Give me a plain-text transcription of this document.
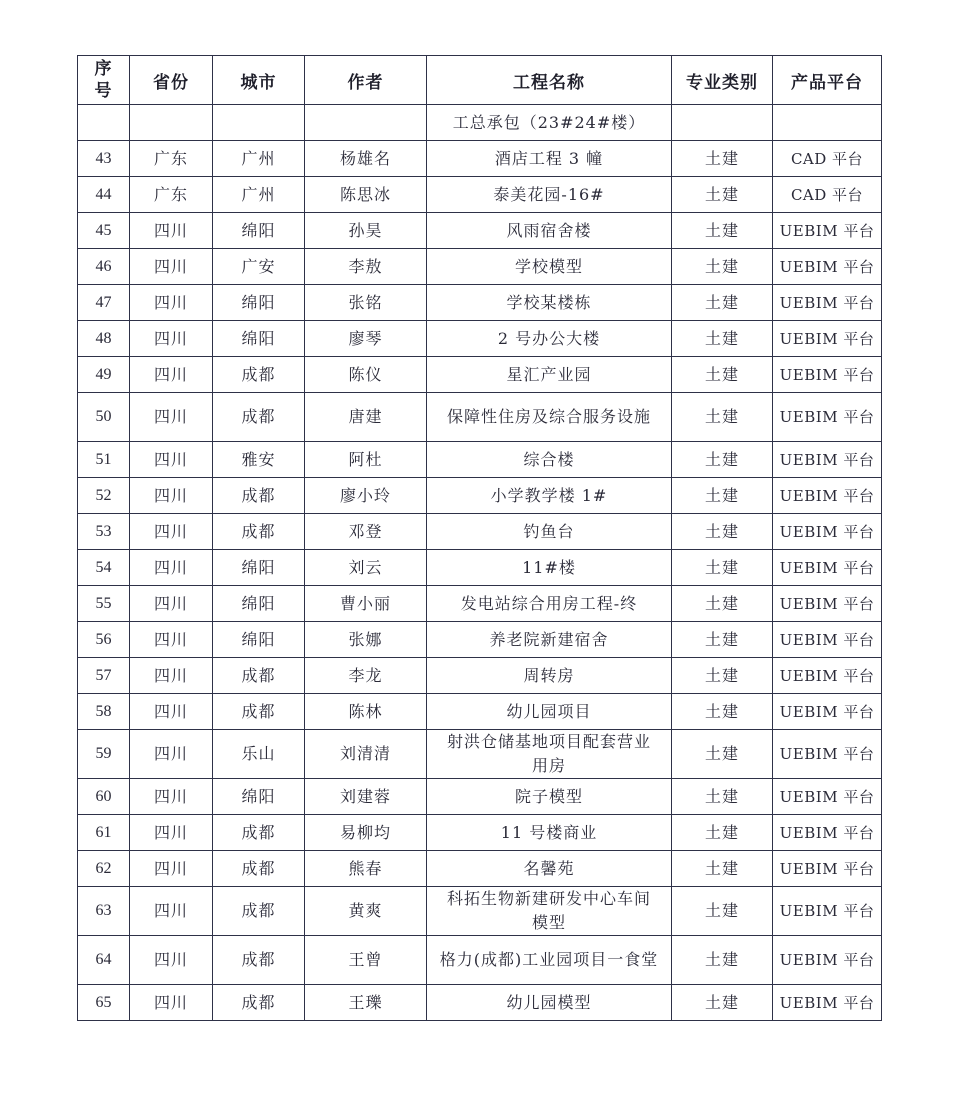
序
号	省份	城市	作者	工程名称	专业类别	产品平台
				工总承包（23#24#楼）		
43	广东	广州	杨雄名	酒店工程 3 幢	土建	CAD 平台
44	广东	广州	陈思冰	泰美花园-16#	土建	CAD 平台
45	四川	绵阳	孙昊	风雨宿舍楼	土建	UEBIM 平台
46	四川	广安	李敖	学校模型	土建	UEBIM 平台
47	四川	绵阳	张铭	学校某楼栋	土建	UEBIM 平台
48	四川	绵阳	廖琴	2 号办公大楼	土建	UEBIM 平台
49	四川	成都	陈仪	星汇产业园	土建	UEBIM 平台
50	四川	成都	唐建	保障性住房及综合服务设施	土建	UEBIM 平台
51	四川	雅安	阿杜	综合楼	土建	UEBIM 平台
52	四川	成都	廖小玲	小学教学楼 1#	土建	UEBIM 平台
53	四川	成都	邓登	钓鱼台	土建	UEBIM 平台
54	四川	绵阳	刘云	11#楼	土建	UEBIM 平台
55	四川	绵阳	曹小丽	发电站综合用房工程-终	土建	UEBIM 平台
56	四川	绵阳	张娜	养老院新建宿舍	土建	UEBIM 平台
57	四川	成都	李龙	周转房	土建	UEBIM 平台
58	四川	成都	陈林	幼儿园项目	土建	UEBIM 平台
59	四川	乐山	刘清清	射洪仓储基地项目配套营业用房	土建	UEBIM 平台
60	四川	绵阳	刘建蓉	院子模型	土建	UEBIM 平台
61	四川	成都	易柳均	11 号楼商业	土建	UEBIM 平台
62	四川	成都	熊春	名馨苑	土建	UEBIM 平台
63	四川	成都	黄爽	科拓生物新建研发中心车间模型	土建	UEBIM 平台
64	四川	成都	王曾	格力(成都)工业园项目一食堂	土建	UEBIM 平台
65	四川	成都	王瓅	幼儿园模型	土建	UEBIM 平台
